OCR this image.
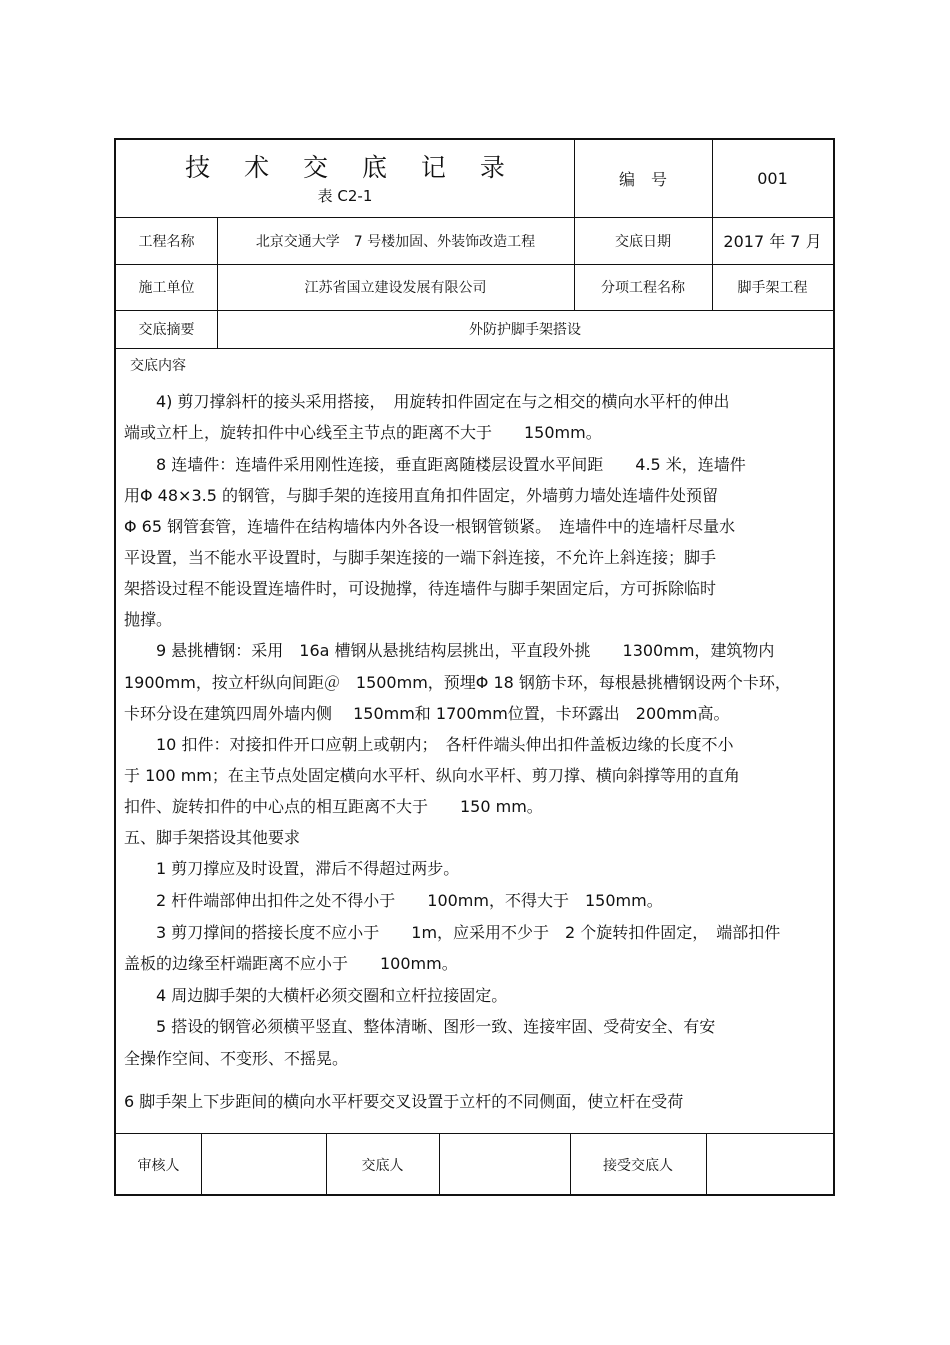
技 术 交 底 记 录
表 C2-1
编　号	001
工程名称	北京交通大学　7 号楼加固、外装饰改造工程	交底日期	2017 年 7 月
施工单位	江苏省国立建设发展有限公司	分项工程名称	脚手架工程
交底摘要	外防护脚手架搭设
交底内容
　　4) 剪刀撑斜杆的接头采用搭接，　用旋转扣件固定在与之相交的横向水平杆的伸出
端或立杆上，旋转扣件中心线至主节点的距离不大于　　150mm。
　　8 连墙件：连墙件采用刚性连接，垂直距离随楼层设置水平间距　　4.5 米，连墙件
用Φ 48×3.5 的钢管，与脚手架的连接用直角扣件固定，外墙剪力墙处连墙件处预留
Φ 65 钢管套管，连墙件在结构墙体内外各设一根钢管锁紧。　连墙件中的连墙杆尽量水
平设置，当不能水平设置时，与脚手架连接的一端下斜连接，不允许上斜连接；脚手
架搭设过程不能设置连墙件时，可设抛撑，待连墙件与脚手架固定后，方可拆除临时
抛撑。
　　9 悬挑槽钢：采用　16a 槽钢从悬挑结构层挑出，平直段外挑　　1300mm，建筑物内
1900mm，按立杆纵向间距＠　1500mm，预埋Φ 18 钢筋卡环，每根悬挑槽钢设两个卡环，
卡环分设在建筑四周外墙内侧　 150mm和 1700mm位置，卡环露出　200mm高。
　　10 扣件：对接扣件开口应朝上或朝内；　各杆件端头伸出扣件盖板边缘的长度不小
于 100 mm；在主节点处固定横向水平杆、纵向水平杆、剪刀撑、横向斜撑等用的直角
扣件、旋转扣件的中心点的相互距离不大于　　150 mm。
五、脚手架搭设其他要求
　　1 剪刀撑应及时设置，滞后不得超过两步。
　　2 杆件端部伸出扣件之处不得小于　　100mm，不得大于　150mm。
　　3 剪刀撑间的搭接长度不应小于　　1m，应采用不少于　2 个旋转扣件固定，　端部扣件
盖板的边缘至杆端距离不应小于　　100mm。
　　4 周边脚手架的大横杆必须交圈和立杆拉接固定。
　　5 搭设的钢管必须横平竖直、整体清晰、图形一致、连接牢固、受荷安全、有安
全操作空间、不变形、不摇晃。
6 脚手架上下步距间的横向水平杆要交叉设置于立杆的不同侧面，使立杆在受荷
审核人	交底人	接受交底人
